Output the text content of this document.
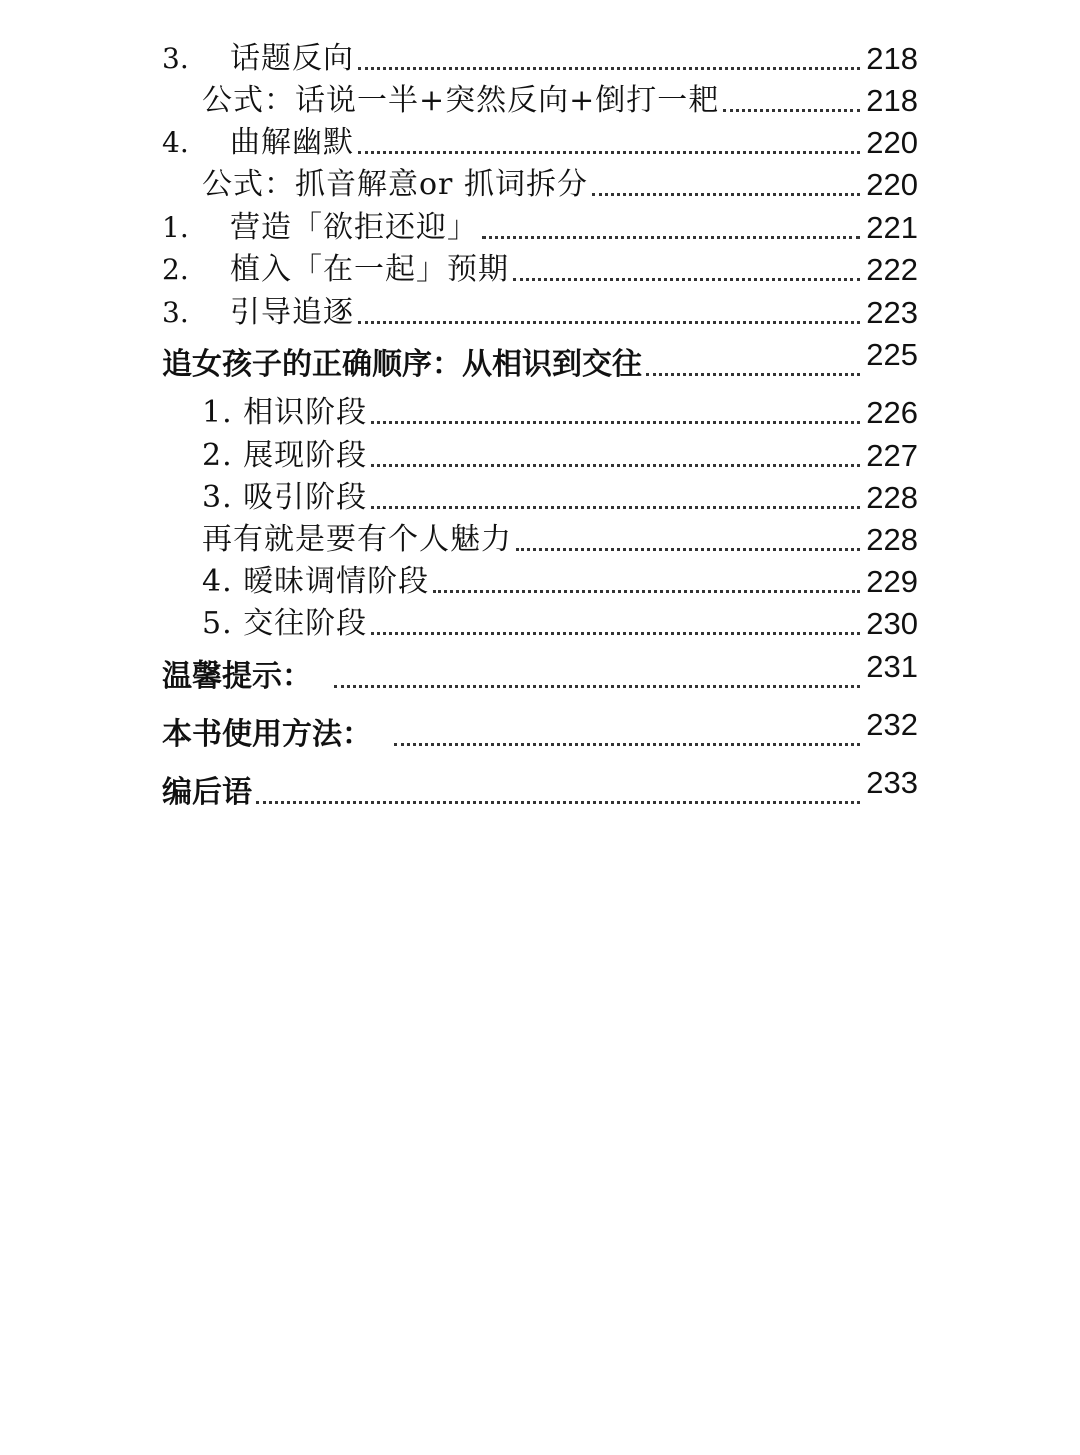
3.	话题反向	218
公式：话说一半+突然反向+倒打一耙	218
4.	曲解幽默	220
公式：抓音解意or 抓词拆分	220
1.	营造「欲拒还迎」	221
2.	植入「在一起」预期	222
3.	引导追逐	223
追女孩子的正确顺序：从相识到交往	225
1. 相识阶段	226
2. 展现阶段	227
3. 吸引阶段	228
再有就是要有个人魅力	228
4. 暧昧调情阶段	229
5. 交往阶段	230
温馨提示：	231
本书使用方法：	232
编后语	233
